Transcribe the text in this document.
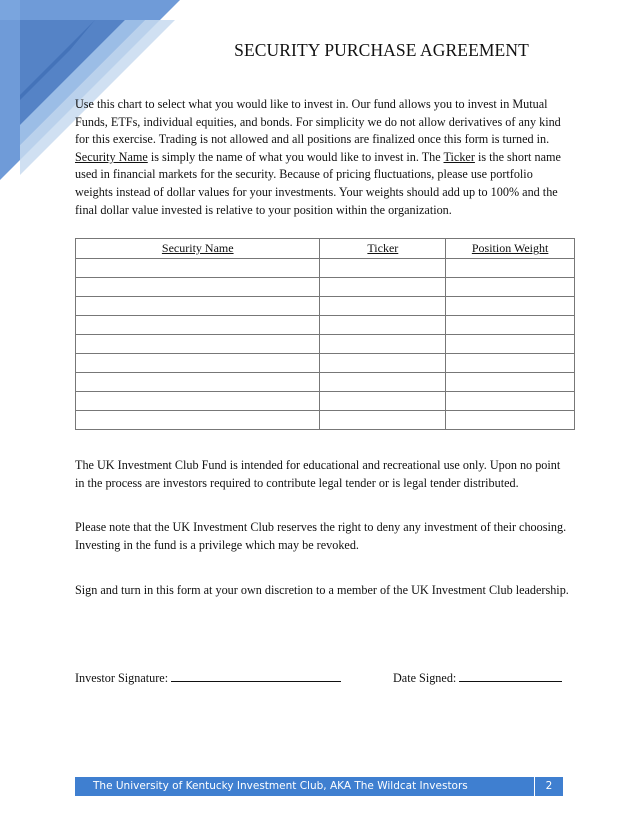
SECURITY PURCHASE AGREEMENT
Use this chart to select what you would like to invest in. Our fund allows you to invest in Mutual Funds, ETFs, individual equities, and bonds. For simplicity we do not allow derivatives of any kind for this exercise. Trading is not allowed and all positions are finalized once this form is turned in. Security Name is simply the name of what you would like to invest in. The Ticker is the short name used in financial markets for the security. Because of pricing fluctuations, please use portfolio weights instead of dollar values for your investments. Your weights should add up to 100% and the final dollar value invested is relative to your position within the organization.
Security Name	Ticker	Position Weight

The UK Investment Club Fund is intended for educational and recreational use only. Upon no point in the process are investors required to contribute legal tender or is legal tender distributed.
Please note that the UK Investment Club reserves the right to deny any investment of their choosing. Investing in the fund is a privilege which may be revoked.
Sign and turn in this form at your own discretion to a member of the UK Investment Club leadership.
Investor Signature:	Date Signed:
The University of Kentucky Investment Club, AKA The Wildcat Investors	2
